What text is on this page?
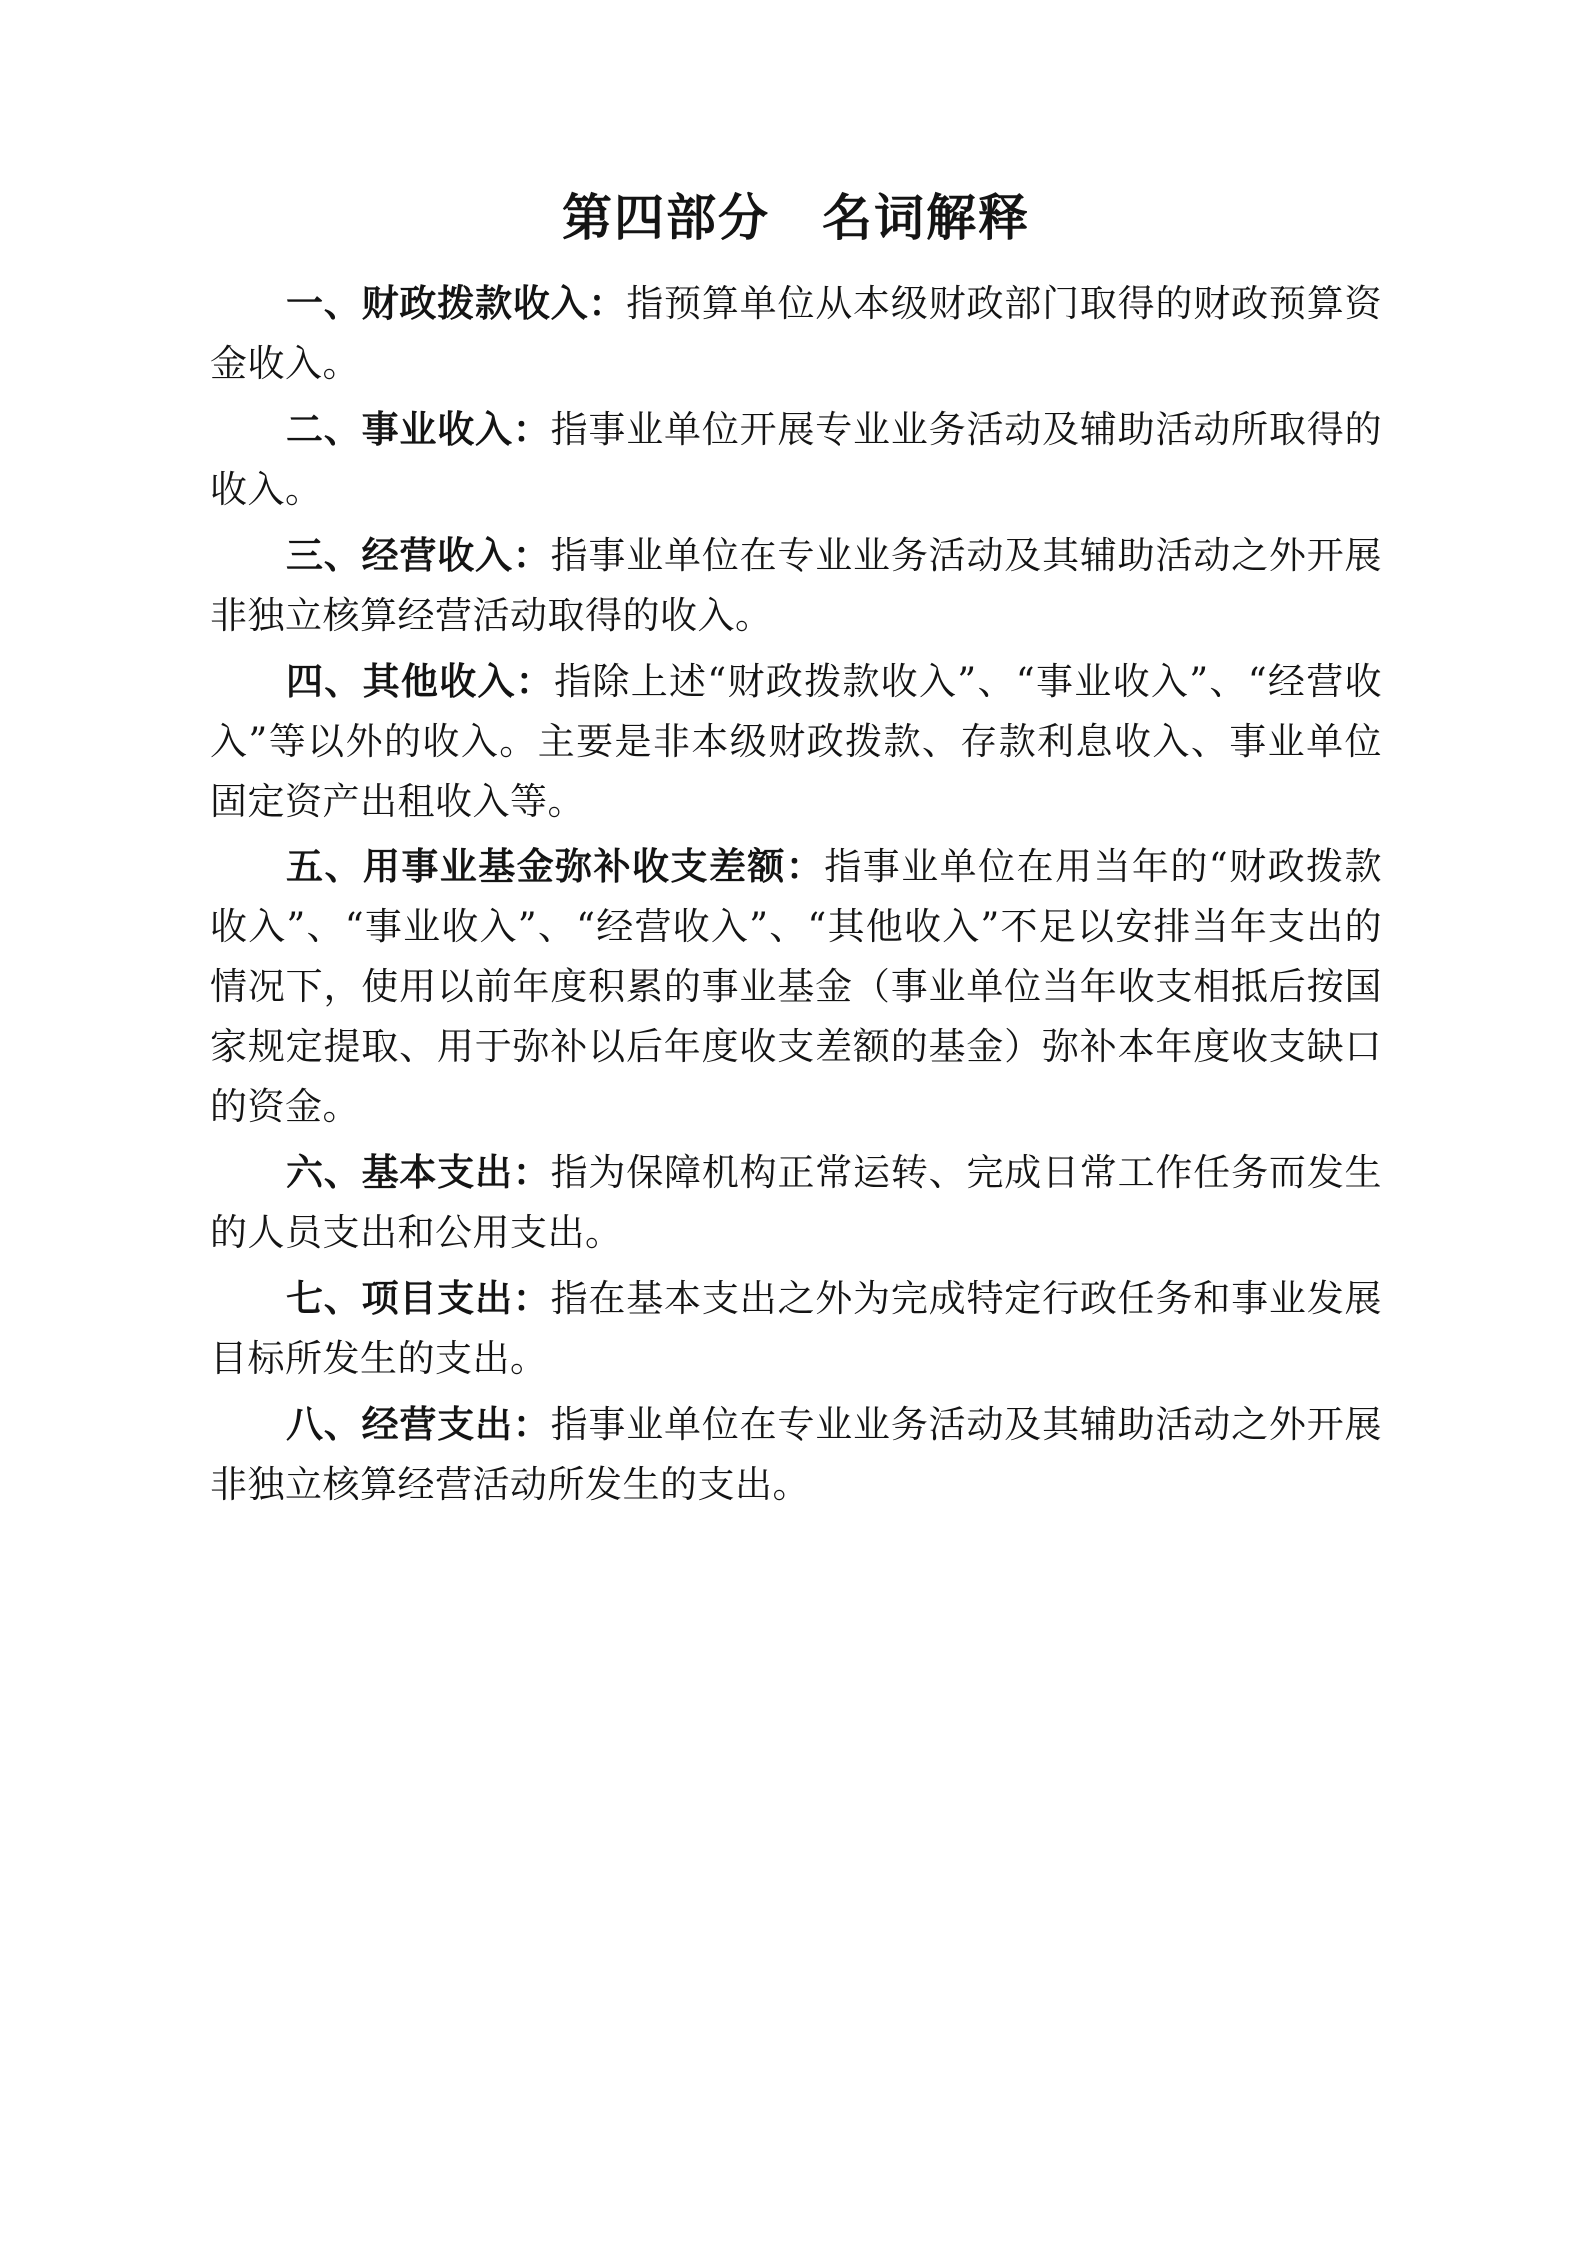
第四部分　名词解释

一、财政拨款收入：指预算单位从本级财政部门取得的财政预算资金收入。

二、事业收入：指事业单位开展专业业务活动及辅助活动所取得的收入。

三、经营收入：指事业单位在专业业务活动及其辅助活动之外开展非独立核算经营活动取得的收入。

四、其他收入：指除上述“财政拨款收入”、“事业收入”、“经营收入”等以外的收入。主要是非本级财政拨款、存款利息收入、事业单位固定资产出租收入等。

五、用事业基金弥补收支差额：指事业单位在用当年的“财政拨款收入”、“事业收入”、“经营收入”、“其他收入”不足以安排当年支出的情况下，使用以前年度积累的事业基金（事业单位当年收支相抵后按国家规定提取、用于弥补以后年度收支差额的基金）弥补本年度收支缺口的资金。

六、基本支出：指为保障机构正常运转、完成日常工作任务而发生的人员支出和公用支出。

七、项目支出：指在基本支出之外为完成特定行政任务和事业发展目标所发生的支出。

八、经营支出：指事业单位在专业业务活动及其辅助活动之外开展非独立核算经营活动所发生的支出。
